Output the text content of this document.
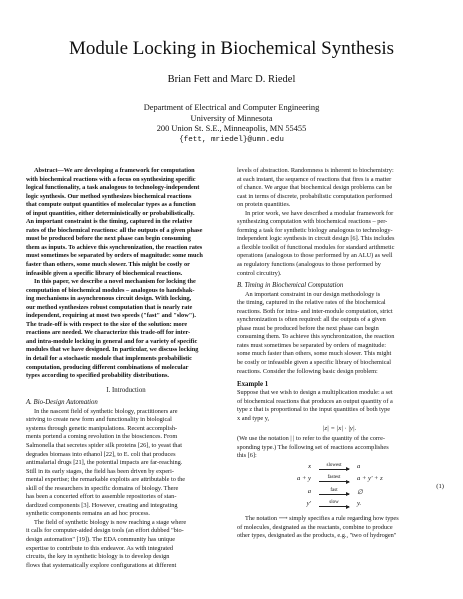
Module Locking in Biochemical Synthesis
Brian Fett and Marc D. Riedel
Department of Electrical and Computer Engineering
University of Minnesota
200 Union St. S.E., Minneapolis, MN 55455
{fett, mriedel}@umn.edu
Abstract—We are developing a framework for computation
with biochemical reactions with a focus on synthesizing specific
logical functionality, a task analogous to technology-independent
logic synthesis. Our method synthesizes biochemical reactions
that compute output quantities of molecular types as a function
of input quantities, either deterministically or probabilistically.
An important constraint is the timing, captured in the relative
rates of the biochemical reactions: all the outputs of a given phase
must be produced before the next phase can begin consuming
them as inputs. To achieve this synchronization, the reaction rates
must sometimes be separated by orders of magnitude: some much
faster than others, some much slower. This might be costly or
infeasible given a specific library of biochemical reactions.
In this paper, we describe a novel mechanism for locking the
computation of biochemical modules – analogous to handshak-
ing mechanisms in asynchronous circuit design. With locking,
our method synthesizes robust computation that is nearly rate
independent, requiring at most two speeds ("fast" and "slow").
The trade-off is with respect to the size of the solution: more
reactions are needed. We characterize this trade-off for inter-
and intra-module locking in general and for a variety of specific
modules that we have designed. In particular, we discuss locking
in detail for a stochastic module that implements probabilistic
computation, producing different combinations of molecular
types according to specified probability distributions.
I. Introduction
A. Bio-Design Automation
In the nascent field of synthetic biology, practitioners are
striving to create new form and functionality in biological
systems through genetic manipulations. Recent accomplish-
ments portend a coming revolution in the biosciences. From
Salmonella that secretes spider silk proteins [26], to yeast that
degrades biomass into ethanol [22], to E. coli that produces
antimalarial drugs [21], the potential impacts are far-reaching.
Still in its early stages, the field has been driven by experi-
mental expertise; the remarkable exploits are attributable to the
skill of the researchers in specific domains of biology. There
has been a concerted effort to assemble repositories of stan-
dardized components [3]. However, creating and integrating
synthetic components remains an ad hoc process.
The field of synthetic biology is now reaching a stage where
it calls for computer-aided design tools (an effort dubbed "bio-
design automation" [19]). The EDA community has unique
expertise to contribute to this endeavor. As with integrated
circuits, the key in synthetic biology is to develop design
flows that systematically explore configurations at different
levels of abstraction. Randomness is inherent to biochemistry:
at each instant, the sequence of reactions that fires is a matter
of chance. We argue that biochemical design problems can be
cast in terms of discrete, probabilistic computation performed
on protein quantities.
In prior work, we have described a modular framework for
synthesizing computation with biochemical reactions – per-
forming a task for synthetic biology analogous to technology-
independent logic synthesis in circuit design [6]. This includes
a flexible toolkit of functional modules for standard arithmetic
operations (analogous to those performed by an ALU) as well
as regulatory functions (analogous to those performed by
control circuitry).
B. Timing in Biochemical Computation
An important constraint in our design methodology is
the timing, captured in the relative rates of the biochemical
reactions. Both for intra- and inter-module computation, strict
synchronization is often required: all the outputs of a given
phase must be produced before the next phase can begin
consuming them. To achieve this synchronization, the reaction
rates must sometimes be separated by orders of magnitude:
some much faster than others, some much slower. This might
be costly or infeasible given a specific library of biochemical
reactions. Consider the following basic design problem:
Example 1
Suppose that we wish to design a multiplication module: a set
of biochemical reactions that produces an output quantity of a
type z that is proportional to the input quantities of both type
x and type y,
|z| = |x| · |y|.
(We use the notation | | to refer to the quantity of the corre-
sponding type.) The following set of reactions accomplishes
this [6]:
(1)
x	slowest	a
a + y	fastest	a + y' + z
a	fast	∅
y'	slow	y.
The notation ⟶ simply specifies a rule regarding how types
of molecules, designated as the reactants, combine to produce
other types, designated as the products, e.g., "two of hydrogen"
